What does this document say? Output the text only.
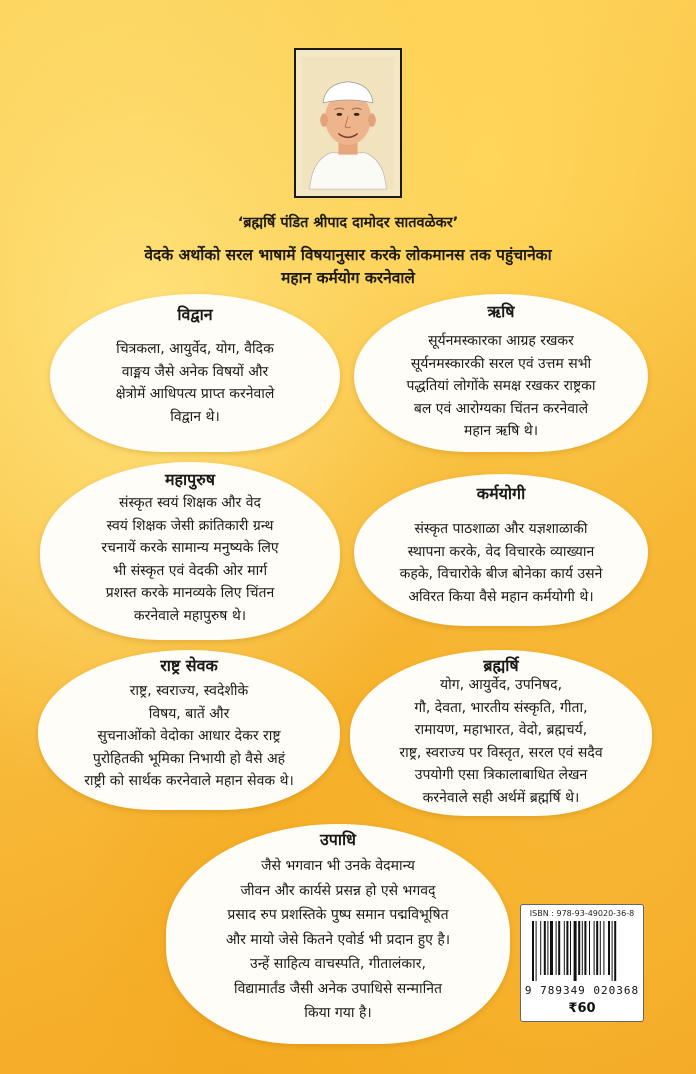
‘ब्रह्मर्षि पंडित श्रीपाद दामोदर सातवळेकर’
वेदके अर्थोको सरल भाषामें विषयानुसार करके लोकमानस तक पहुंचानेका
महान कर्मयोग करनेवाले
विद्वान
चित्रकला, आयुर्वेद, योग, वैदिक
वाङ्मय जैसे अनेक विषयों और
क्षेत्रोमें आधिपत्य प्राप्त करनेवाले
विद्वान थे।
ऋषि
सूर्यनमस्कारका आग्रह रखकर
सूर्यनमस्कारकी सरल एवं उत्तम सभी
पद्धतियां लोगोंके समक्ष रखकर राष्ट्रका
बल एवं आरोग्यका चिंतन करनेवाले
महान ऋषि थे।
महापुरुष
संस्कृत स्वयं शिक्षक और वेद
स्वयं शिक्षक जेसी क्रांतिकारी ग्रन्थ
रचनायें करके सामान्य मनुष्यके लिए
भी संस्कृत एवं वेदकी ओर मार्ग
प्रशस्त करके मानव्यके लिए चिंतन
करनेवाले महापुरुष थे।
कर्मयोगी
संस्कृत पाठशाळा और यज्ञशाळाकी
स्थापना करके, वेद विचारके व्याख्यान
कहके, विचारोके बीज बोनेका कार्य उसने
अविरत किया वैसे महान कर्मयोगी थे।
राष्ट्र सेवक
राष्ट्र, स्वराज्य, स्वदेशीके
विषय, बातें और
सुचनाओंको वेदोका आधार देकर राष्ट्र
पुरोहितकी भूमिका निभायी हो वैसे अहं
राष्ट्री को सार्थक करनेवाले महान सेवक थे।
ब्रह्मर्षि
योग, आयुर्वेद, उपनिषद,
गौ, देवता, भारतीय संस्कृति, गीता,
रामायण, महाभारत, वेदो, ब्रह्मचर्य,
राष्ट्र, स्वराज्य पर विस्तृत, सरल एवं सदैव
उपयोगी एसा त्रिकालाबाधित लेखन
करनेवाले सही अर्थमें ब्रह्मर्षि थे।
उपाधि
जैसे भगवान भी उनके वेदमान्य
जीवन और कार्यसे प्रसन्न हो एसे भगवद्
प्रसाद रुप प्रशस्तिके पुष्प समान पद्मविभूषित
और मायो जेसे कितने एवोर्ड भी प्रदान हुए है।
उन्हें साहित्य वाचस्पति, गीतालंकार,
विद्यामार्तंड जैसी अनेक उपाधिसे सन्मानित
किया गया है।
ISBN : 978-93-49020-36-8
9 789349 020368
₹60
